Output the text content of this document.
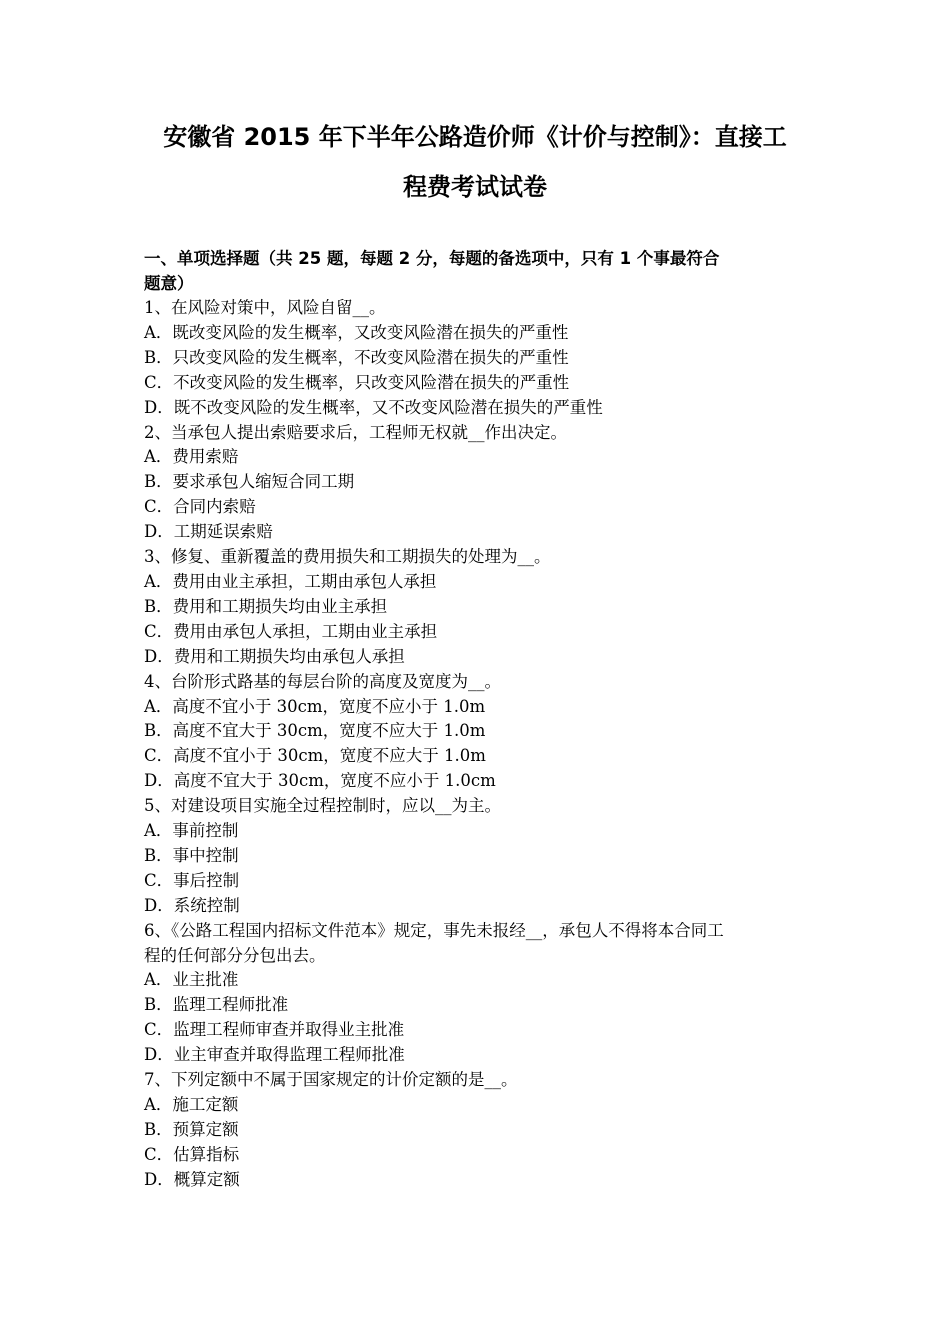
安徽省 2015 年下半年公路造价师《计价与控制》：直接工
程费考试试卷
一、单项选择题（共 25 题，每题 2 分，每题的备选项中，只有 1 个事最符合
题意）

1、在风险对策中，风险自留__。

A．既改变风险的发生概率，又改变风险潜在损失的严重性

B．只改变风险的发生概率，不改变风险潜在损失的严重性

C．不改变风险的发生概率，只改变风险潜在损失的严重性

D．既不改变风险的发生概率，又不改变风险潜在损失的严重性

2、当承包人提出索赔要求后，工程师无权就__作出决定。

A．费用索赔

B．要求承包人缩短合同工期

C．合同内索赔

D．工期延误索赔

3、修复、重新覆盖的费用损失和工期损失的处理为__。

A．费用由业主承担，工期由承包人承担

B．费用和工期损失均由业主承担

C．费用由承包人承担，工期由业主承担

D．费用和工期损失均由承包人承担

4、台阶形式路基的每层台阶的高度及宽度为__。

A．高度不宜小于 30cm，宽度不应小于 1.0m

B．高度不宜大于 30cm，宽度不应大于 1.0m

C．高度不宜小于 30cm，宽度不应大于 1.0m

D．高度不宜大于 30cm，宽度不应小于 1.0cm

5、对建设项目实施全过程控制时，应以__为主。

A．事前控制

B．事中控制

C．事后控制

D．系统控制

6、《公路工程国内招标文件范本》规定，事先未报经__，承包人不得将本合同工

程的任何部分分包出去。

A．业主批准

B．监理工程师批准

C．监理工程师审查并取得业主批准

D．业主审查并取得监理工程师批准

7、下列定额中不属于国家规定的计价定额的是__。

A．施工定额

B．预算定额

C．估算指标

D．概算定额
